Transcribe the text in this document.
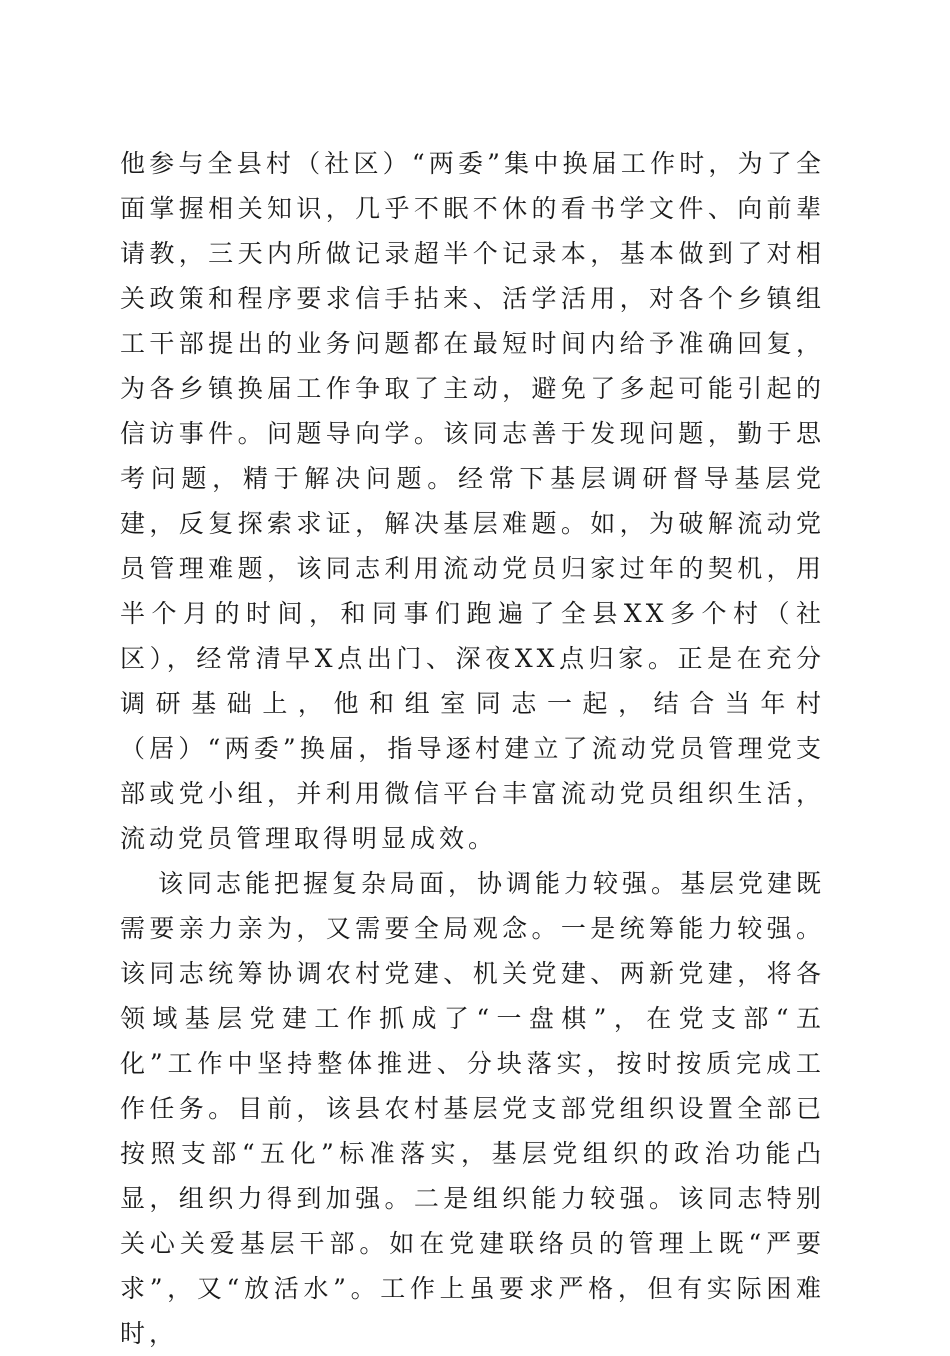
他参与全县村（社区）“两委”集中换届工作时，为了全面掌握相关知识，几乎不眠不休的看书学文件、向前辈请教，三天内所做记录超半个记录本，基本做到了对相关政策和程序要求信手拈来、活学活用，对各个乡镇组工干部提出的业务问题都在最短时间内给予准确回复，为各乡镇换届工作争取了主动，避免了多起可能引起的信访事件。问题导向学。该同志善于发现问题，勤于思考问题，精于解决问题。经常下基层调研督导基层党建，反复探索求证，解决基层难题。如，为破解流动党员管理难题，该同志利用流动党员归家过年的契机，用半个月的时间，和同事们跑遍了全县XX多个村（社区），经常清早X点出门、深夜XX点归家。正是在充分调研基础上，他和组室同志一起，结合当年村（居）“两委”换届，指导逐村建立了流动党员管理党支部或党小组，并利用微信平台丰富流动党员组织生活，流动党员管理取得明显成效。

该同志能把握复杂局面，协调能力较强。基层党建既需要亲力亲为，又需要全局观念。一是统筹能力较强。该同志统筹协调农村党建、机关党建、两新党建，将各领域基层党建工作抓成了“一盘棋”，在党支部“五化”工作中坚持整体推进、分块落实，按时按质完成工作任务。目前，该县农村基层党支部党组织设置全部已按照支部“五化”标准落实，基层党组织的政治功能凸显，组织力得到加强。二是组织能力较强。该同志特别关心关爱基层干部。如在党建联络员的管理上既“严要求”，又“放活水”。工作上虽要求严格，但有实际困难时，
